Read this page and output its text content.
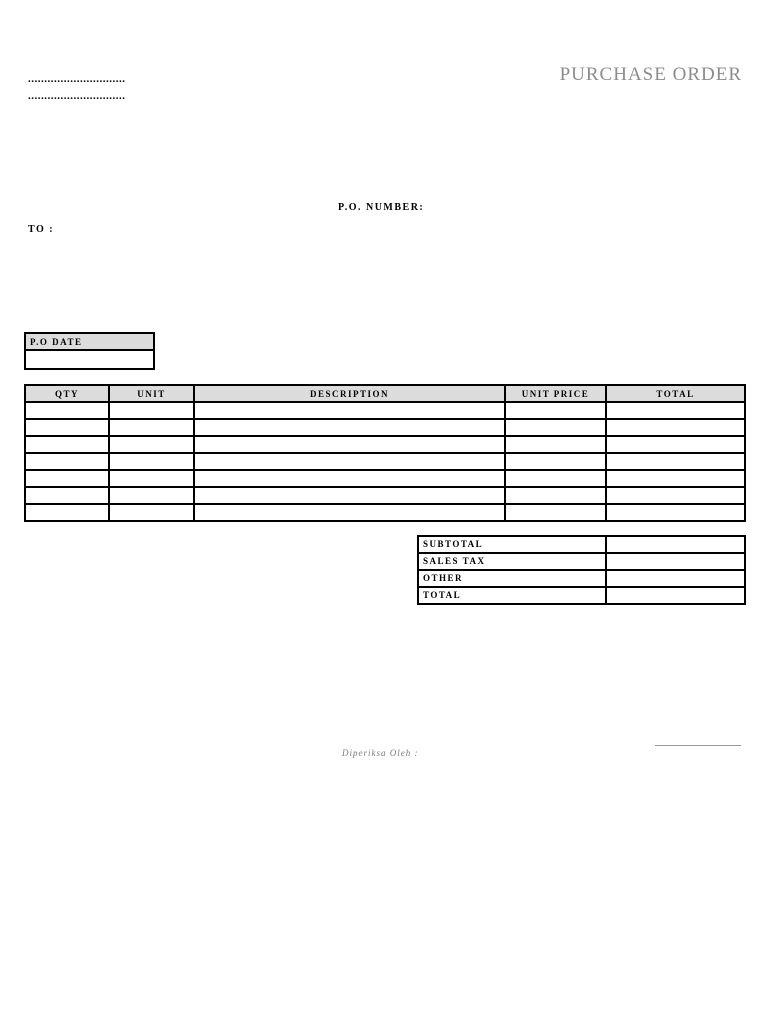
..............................
..............................
PURCHASE ORDER
P.O. NUMBER:
TO :
P.O DATE

QTY	UNIT	DESCRIPTION	UNIT PRICE	TOTAL

SUBTOTAL	
SALES TAX	
OTHER	
TOTAL	
Diperiksa Oleh :
